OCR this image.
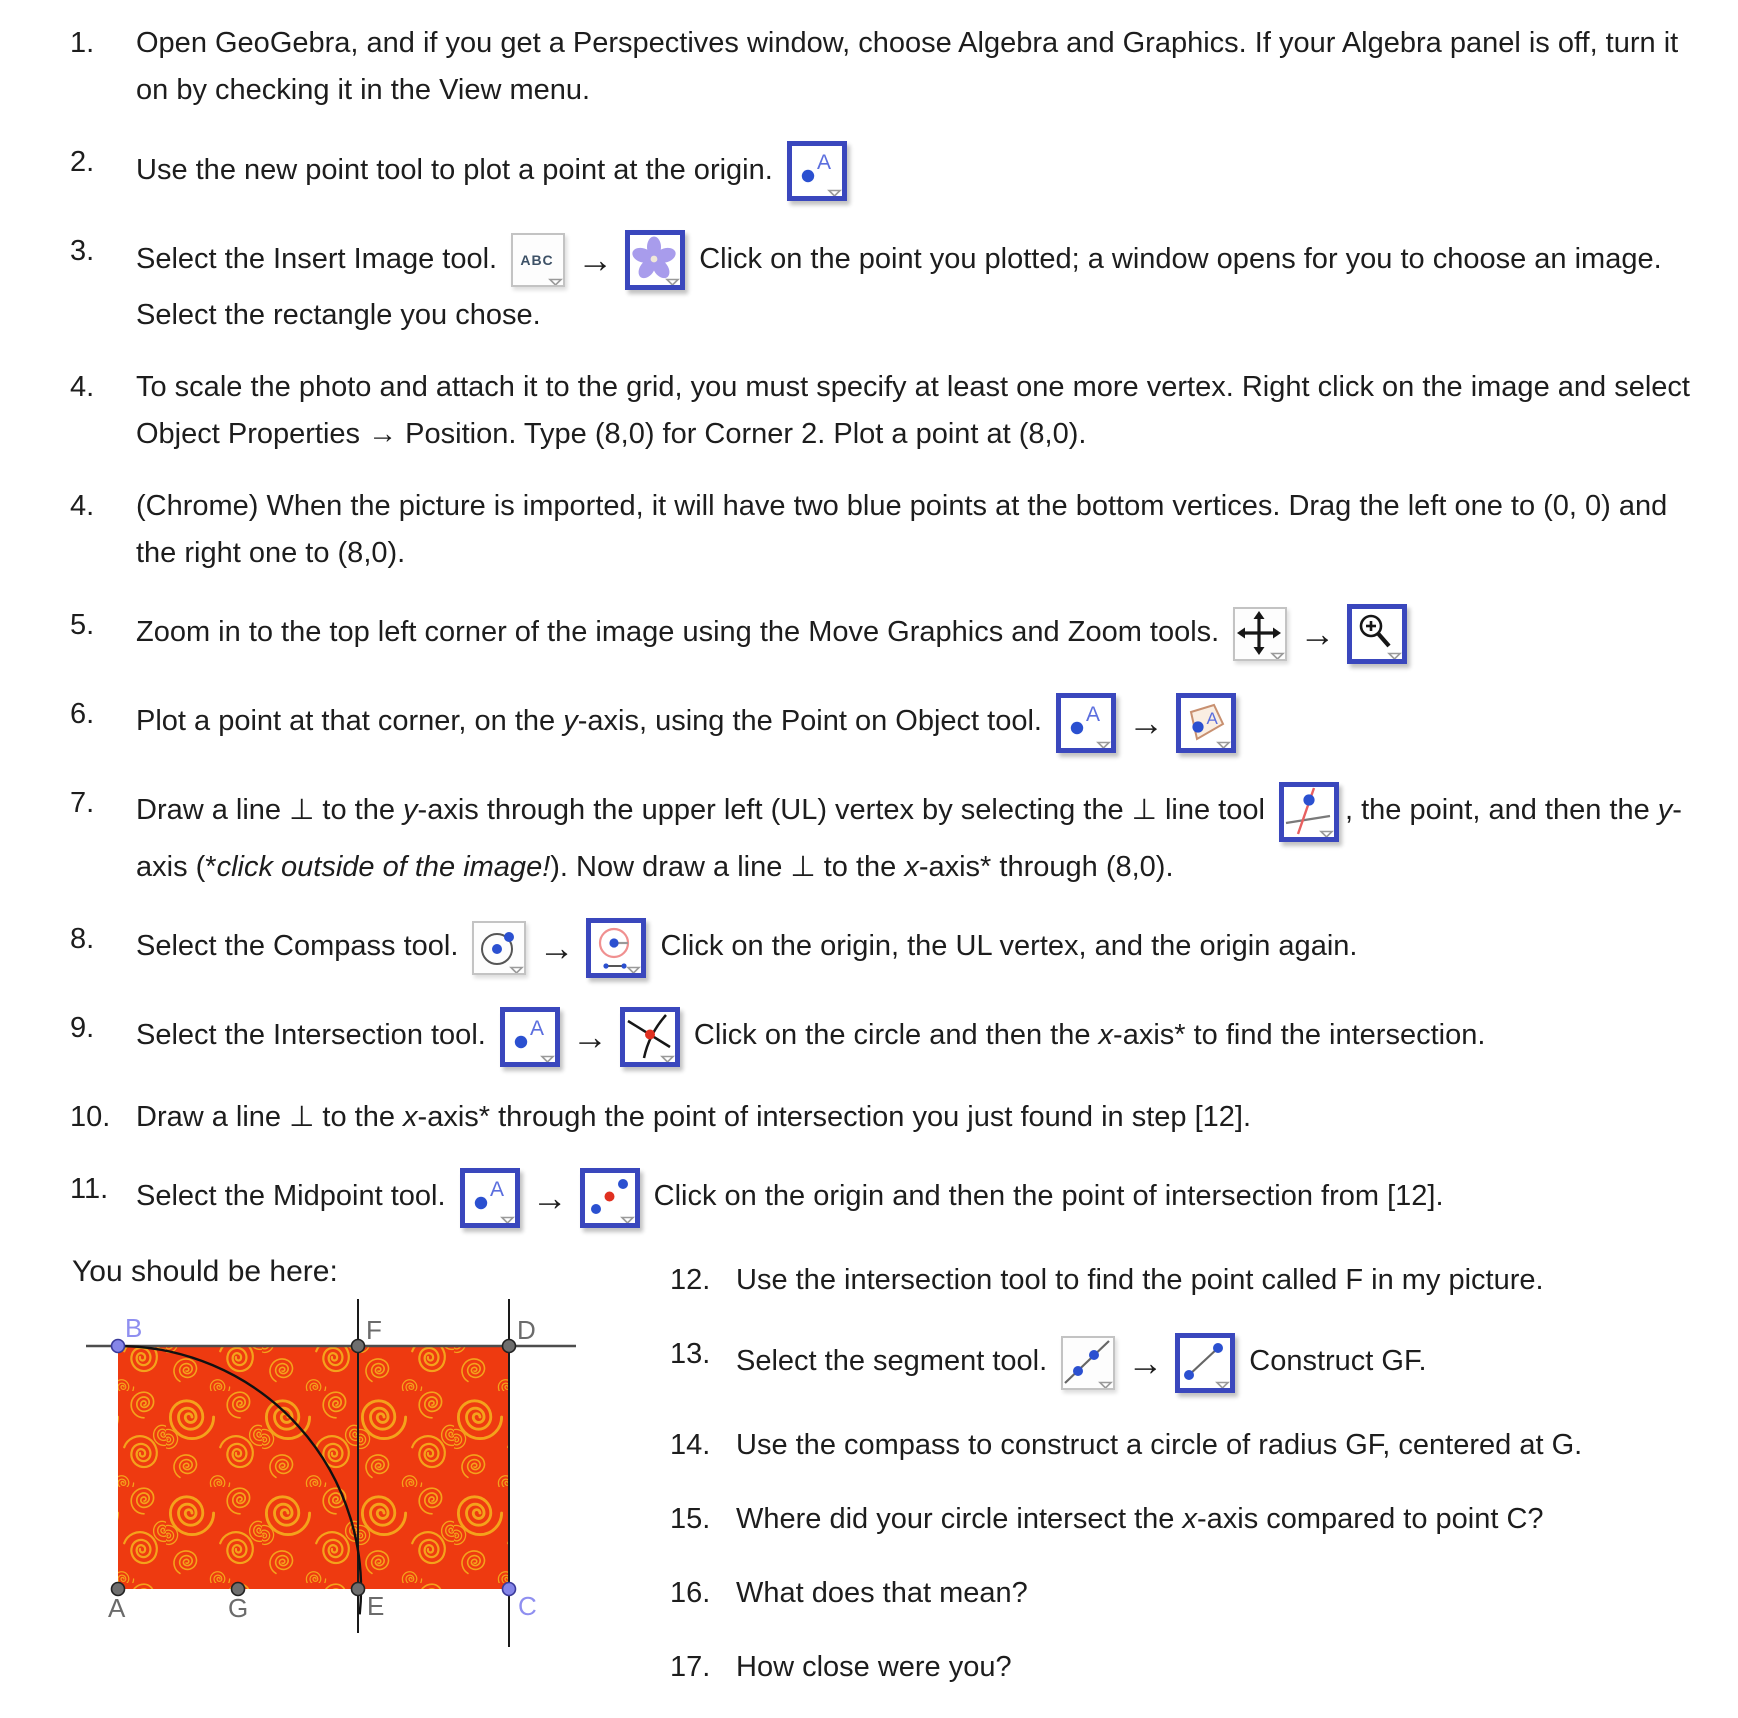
1. Open GeoGebra, and if you get a Perspectives window, choose Algebra and Graphics. If your Algebra panel is off, turn it on by checking it in the View menu.
2. Use the new point tool to plot a point at the origin. A
3. Select the Insert Image tool. ABC →	Click on the point you plotted; a window opens for you to choose an image. Select the rectangle you chose.
4. To scale the photo and attach it to the grid, you must specify at least one more vertex. Right click on the image and select Object Properties → Position. Type (8,0) for Corner 2. Plot a point at (8,0).
4. (Chrome) When the picture is imported, it will have two blue points at the bottom vertices. Drag the left one to (0, 0) and the right one to (8,0).
5. Zoom in to the top left corner of the image using the Move Graphics and Zoom tools.
→
6. Plot a point at that corner, on the y-axis, using the Point on Object tool. A →	A
7. Draw a line ⊥ to the y-axis through the upper left (UL) vertex by selecting the ⊥ line tool
, the point, and then the y-axis (*click outside of the image!). Now draw a line ⊥ to the x-axis* through (8,0).
8. Select the Compass tool.
→	Click on the origin, the UL vertex, and the origin again.
9. Select the Intersection tool. A →	Click on the circle and then the x-axis* to find the intersection.
10. Draw a line ⊥ to the x-axis* through the point of intersection you just found in step [12].
11. Select the Midpoint tool. A →	Click on the origin and then the point of intersection from [12].

You should be here:

B	F	D
A	G	E	C
12. Use the intersection tool to find the point called F in my picture.
13. Select the segment tool.
→	Construct GF.
14. Use the compass to construct a circle of radius GF, centered at G.
15. Where did your circle intersect the x-axis compared to point C?
16. What does that mean?
17. How close were you?
